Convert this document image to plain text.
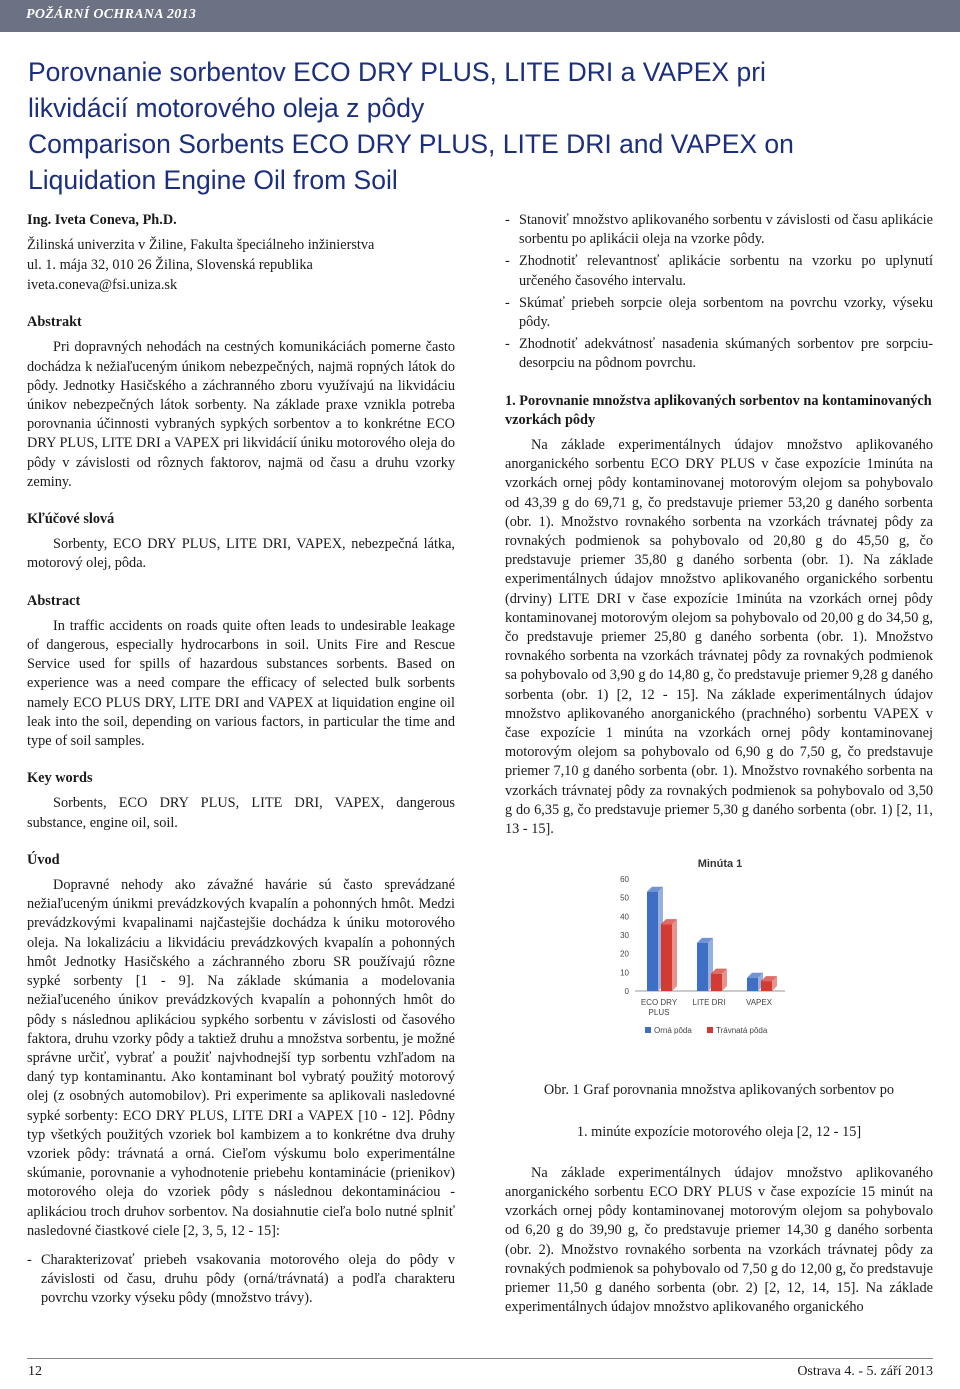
POŽÁRNÍ OCHRANA 2013
Porovnanie sorbentov ECO DRY PLUS, LITE DRI a VAPEX pri
likvidácií motorového oleja z pôdy
Comparison Sorbents ECO DRY PLUS, LITE DRI and VAPEX on
Liquidation Engine Oil from Soil

Ing. Iveta Coneva, Ph.D.

Žilinská univerzita v Žiline, Fakulta špeciálneho inžinierstva

ul. 1. mája 32, 010 26 Žilina, Slovenská republika

iveta.coneva@fsi.uniza.sk

Abstrakt

Pri dopravných nehodách na cestných komunikáciách pomerne často dochádza k nežiaľuceným únikom nebezpečných, najmä ropných látok do pôdy. Jednotky Hasičského a záchranného zboru využívajú na likvidáciu únikov nebezpečných látok sorbenty. Na základe praxe vznikla potreba porovnania účinnosti vybraných sypkých sorbentov a to konkrétne ECO DRY PLUS, LITE DRI a VAPEX pri likvidácií úniku motorového oleja do pôdy v závislosti od rôznych faktorov, najmä od času a druhu vzorky zeminy.

Kľúčové slová

Sorbenty, ECO DRY PLUS, LITE DRI, VAPEX, nebezpečná látka, motorový olej, pôda.

Abstract

In traffic accidents on roads quite often leads to undesirable leakage of dangerous, especially hydrocarbons in soil. Units Fire and Rescue Service used for spills of hazardous substances sorbents. Based on experience was a need compare the efficacy of selected bulk sorbents namely ECO PLUS DRY, LITE DRI and VAPEX at liquidation engine oil leak into the soil, depending on various factors, in particular the time and type of soil samples.

Key words

Sorbents, ECO DRY PLUS, LITE DRI, VAPEX, dangerous substance, engine oil, soil.

Úvod

Dopravné nehody ako závažné havárie sú často sprevádzané nežiaľuceným únikmi prevádzkových kvapalín a pohonných hmôt. Medzi prevádzkovými kvapalinami najčastejšie dochádza k úniku motorového oleja. Na lokalizáciu a likvidáciu prevádzkových kvapalín a pohonných hmôt Jednotky Hasičského a záchranného zboru SR používajú rôzne sypké sorbenty [1 - 9]. Na základe skúmania a modelovania nežiaľuceného únikov prevádzkových kvapalín a pohonných hmôt do pôdy s následnou aplikáciou sypkého sorbentu v závislosti od časového faktora, druhu vzorky pôdy a taktiež druhu a množstva sorbentu, je možné správne určiť, vybrať a použiť najvhodnejší typ sorbentu vzhľadom na daný typ kontaminantu. Ako kontaminant bol vybratý použitý motorový olej (z osobných automobilov). Pri experimente sa aplikovali nasledovné sypké sorbenty: ECO DRY PLUS, LITE DRI a VAPEX [10 - 12]. Pôdny typ všetkých použitých vzoriek bol kambizem a to konkrétne dva druhy vzoriek pôdy: trávnatá a orná. Cieľom výskumu bolo experimentálne skúmanie, porovnanie a vyhodnotenie priebehu kontaminácie (prienikov) motorového oleja do vzoriek pôdy s následnou dekontamináciou - aplikáciou troch druhov sorbentov. Na dosiahnutie cieľa bolo nutné splniť nasledovné čiastkové ciele [2, 3, 5, 12 - 15]:

- Charakterizovať priebeh vsakovania motorového oleja do pôdy v závislosti od času, druhu pôdy (orná/trávnatá) a podľa charakteru povrchu vzorky výseku pôdy (množstvo trávy).
- Stanoviť množstvo aplikovaného sorbentu v závislosti od času aplikácie sorbentu po aplikácii oleja na vzorke pôdy.
- Zhodnotiť relevantnosť aplikácie sorbentu na vzorku po uplynutí určeného časového intervalu.
- Skúmať priebeh sorpcie oleja sorbentom na povrchu vzorky, výseku pôdy.
- Zhodnotiť adekvátnosť nasadenia skúmaných sorbentov pre sorpciu-desorpciu na pôdnom povrchu.

1. Porovnanie množstva aplikovaných sorbentov na kontaminovaných vzorkách pôdy

Na základe experimentálnych údajov množstvo aplikovaného anorganického sorbentu ECO DRY PLUS v čase expozície 1minúta na vzorkách ornej pôdy kontaminovanej motorovým olejom sa pohybovalo od 43,39 g do 69,71 g, čo predstavuje priemer 53,20 g daného sorbenta (obr. 1). Množstvo rovnakého sorbenta na vzorkách trávnatej pôdy za rovnakých podmienok sa pohybovalo od 20,80 g do 45,50 g, čo predstavuje priemer 35,80 g daného sorbenta (obr. 1). Na základe experimentálnych údajov množstvo aplikovaného organického sorbentu (drviny) LITE DRI v čase expozície 1minúta na vzorkách ornej pôdy kontaminovanej motorovým olejom sa pohybovalo od 20,00 g do 34,50 g, čo predstavuje priemer 25,80 g daného sorbenta (obr. 1). Množstvo rovnakého sorbenta na vzorkách trávnatej pôdy za rovnakých podmienok sa pohybovalo od 3,90 g do 14,80 g, čo predstavuje priemer 9,28 g daného sorbenta (obr. 1) [2, 12 - 15]. Na základe experimentálnych údajov množstvo aplikovaného anorganického (prachného) sorbentu VAPEX v čase expozície 1 minúta na vzorkách ornej pôdy kontaminovanej motorovým olejom sa pohybovalo od 6,90 g do 7,50 g, čo predstavuje priemer 7,10 g daného sorbenta (obr. 1). Množstvo rovnakého sorbenta na vzorkách trávnatej pôdy za rovnakých podmienok sa pohybovalo od 3,50 g do 6,35 g, čo predstavuje priemer 5,30 g daného sorbenta (obr. 1) [2, 11, 13 - 15].

Minúta 1
0
10
20
30
40
50
60
ECO DRY
PLUS
LITE DRI	VAPEX
Orná pôda	Trávnatá pôda

Obr. 1 Graf porovnania množstva aplikovaných sorbentov po

1. minúte expozície motorového oleja [2, 12 - 15]

Na základe experimentálnych údajov množstvo aplikovaného anorganického sorbentu ECO DRY PLUS v čase expozície 15 minút na vzorkách ornej pôdy kontaminovanej motorovým olejom sa pohybovalo od 6,20 g do 39,90 g, čo predstavuje priemer 14,30 g daného sorbenta (obr. 2). Množstvo rovnakého sorbenta na vzorkách trávnatej pôdy za rovnakých podmienok sa pohybovalo od 7,50 g do 12,00 g, čo predstavuje priemer 11,50 g daného sorbenta (obr. 2) [2, 12, 14, 15]. Na základe experimentálnych údajov množstvo aplikovaného organického

12	Ostrava 4. - 5. září 2013
